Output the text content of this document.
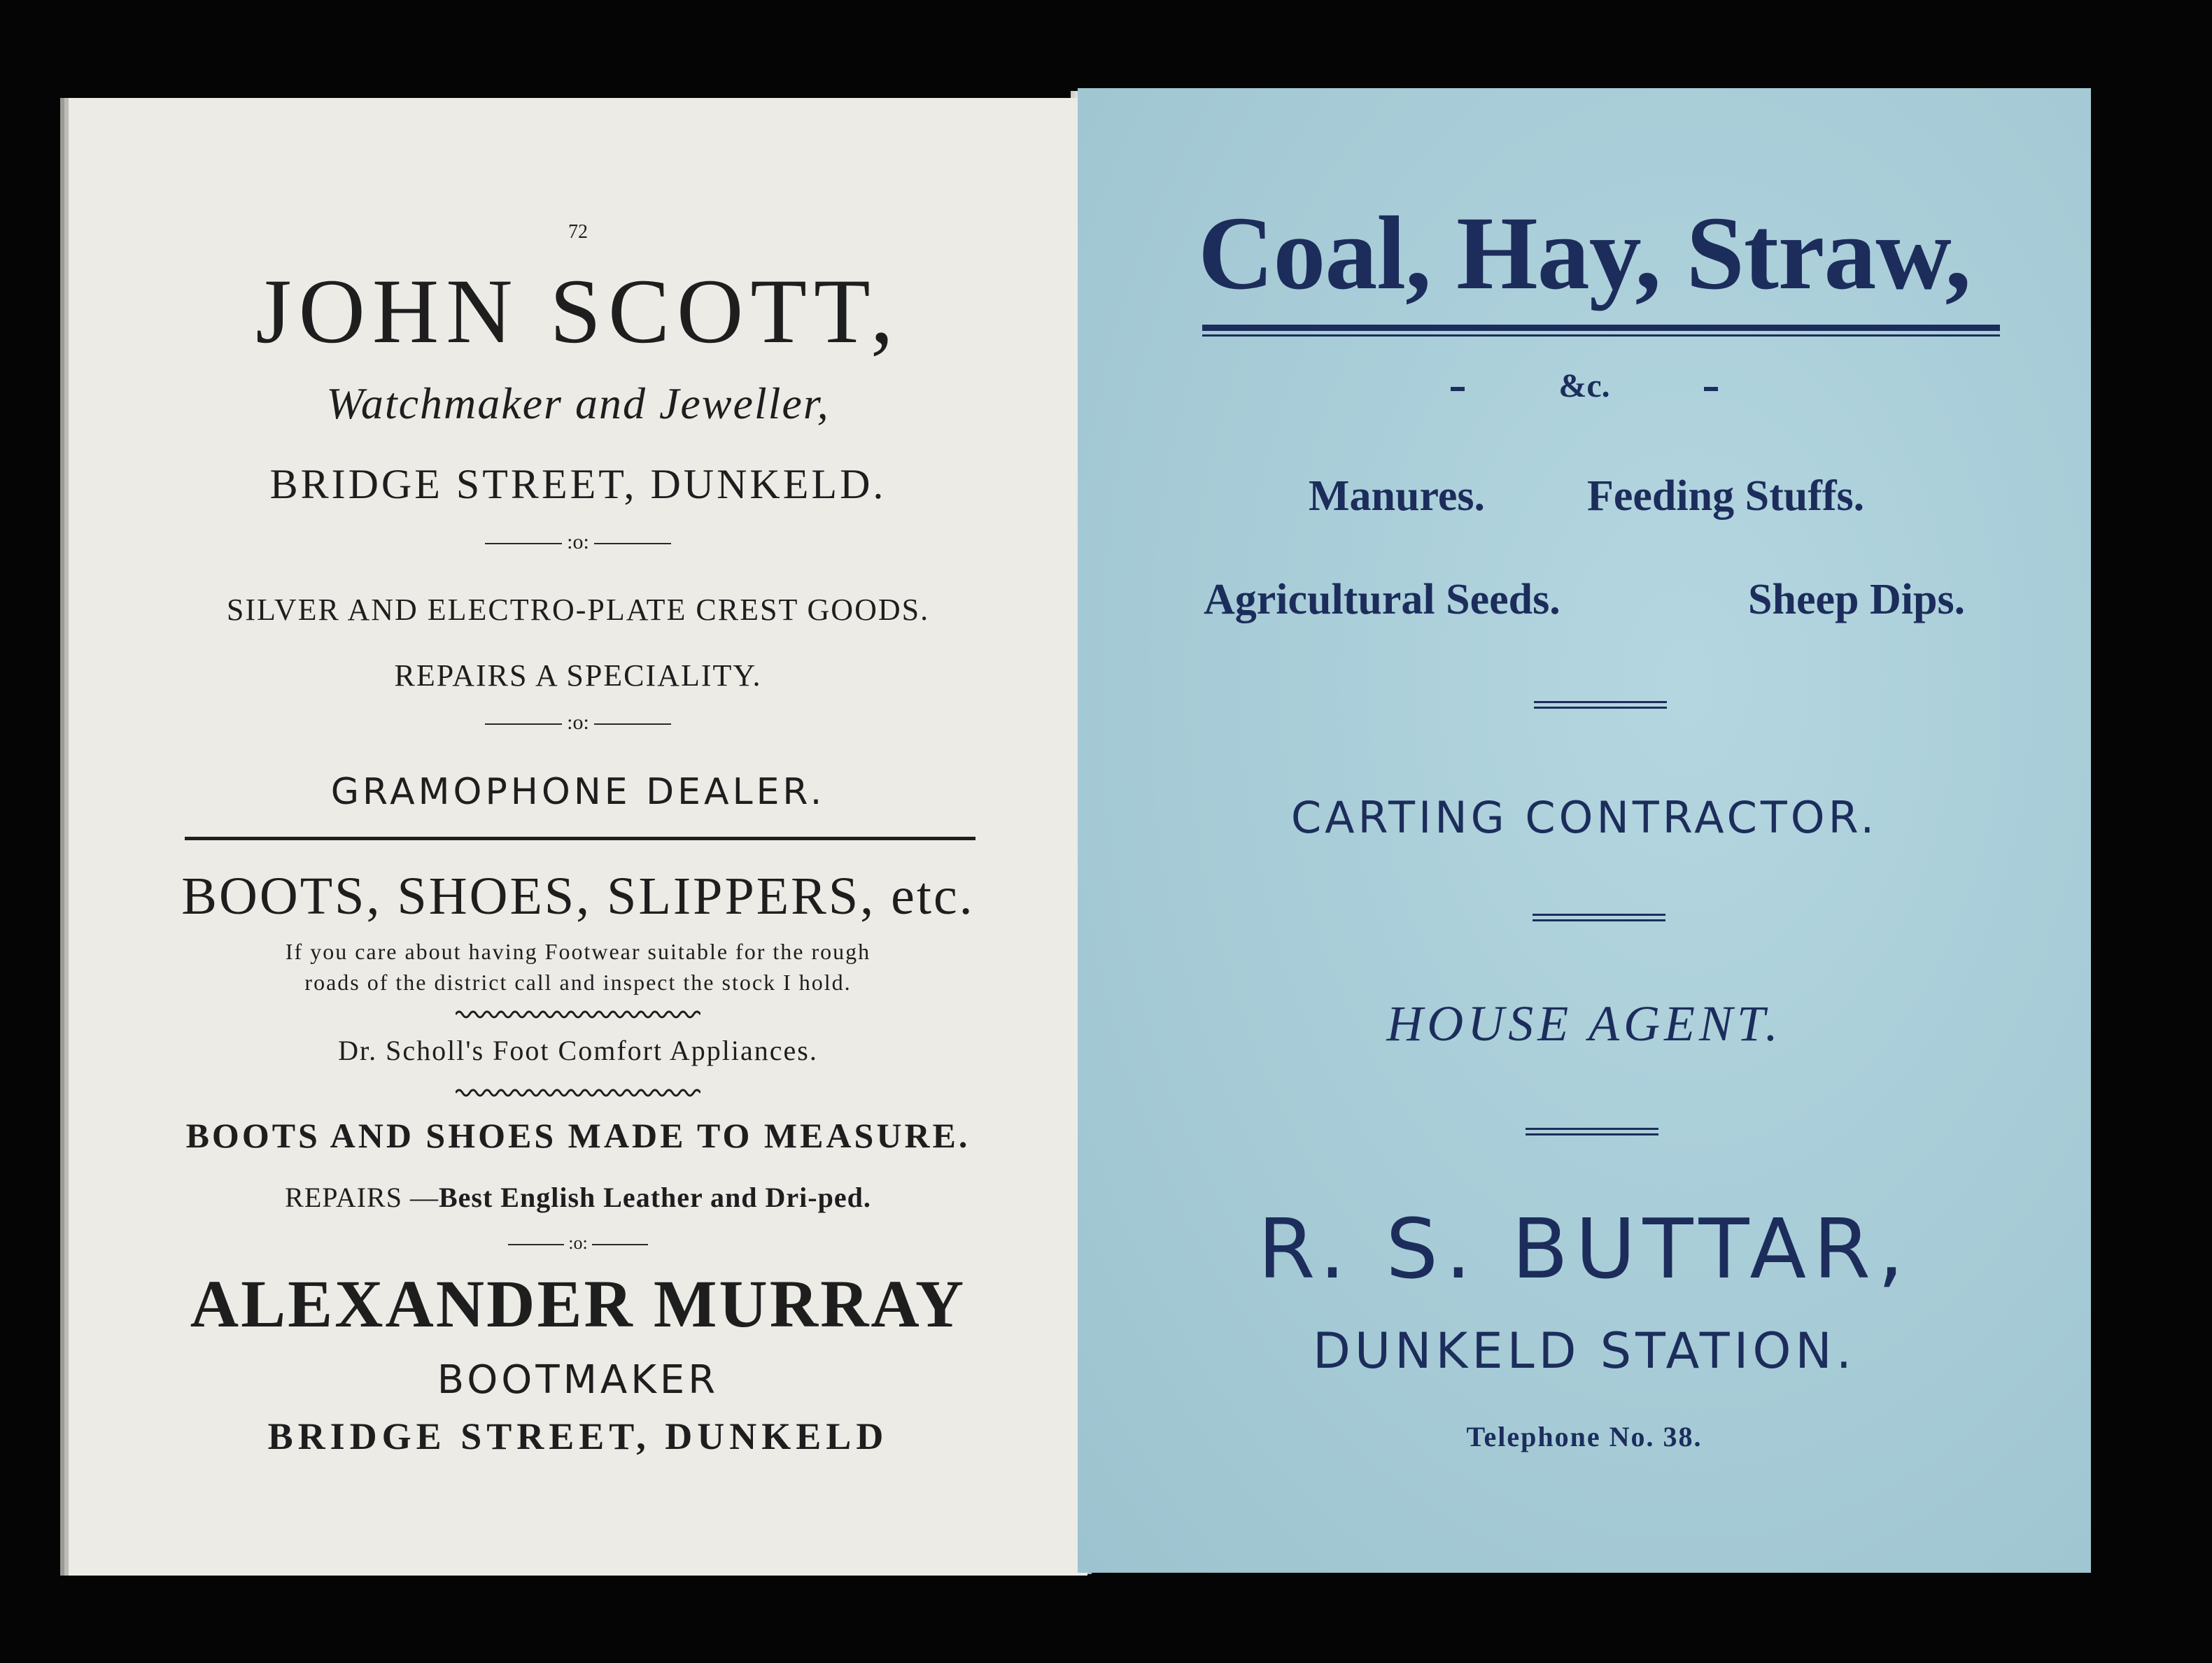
72
JOHN SCOTT,
Watchmaker and Jeweller,
BRIDGE STREET, DUNKELD.
:o:
SILVER AND ELECTRO-PLATE CREST GOODS.
REPAIRS A SPECIALITY.
:o:
GRAMOPHONE DEALER.
BOOTS, SHOES, SLIPPERS, etc.
If you care about having Footwear suitable for the rough
roads of the district call and inspect the stock I hold.
Dr. Scholl's Foot Comfort Appliances.
BOOTS AND SHOES MADE TO MEASURE.
REPAIRS —Best English Leather and Dri-ped.
:o:
ALEXANDER MURRAY
BOOTMAKER
BRIDGE STREET, DUNKELD
Coal, Hay, Straw,
&c.
Manures. Feeding Stuffs.
Agricultural Seeds.	Sheep Dips.
CARTING CONTRACTOR.
HOUSE AGENT.
R. S. BUTTAR,
DUNKELD STATION.
Telephone No. 38.
